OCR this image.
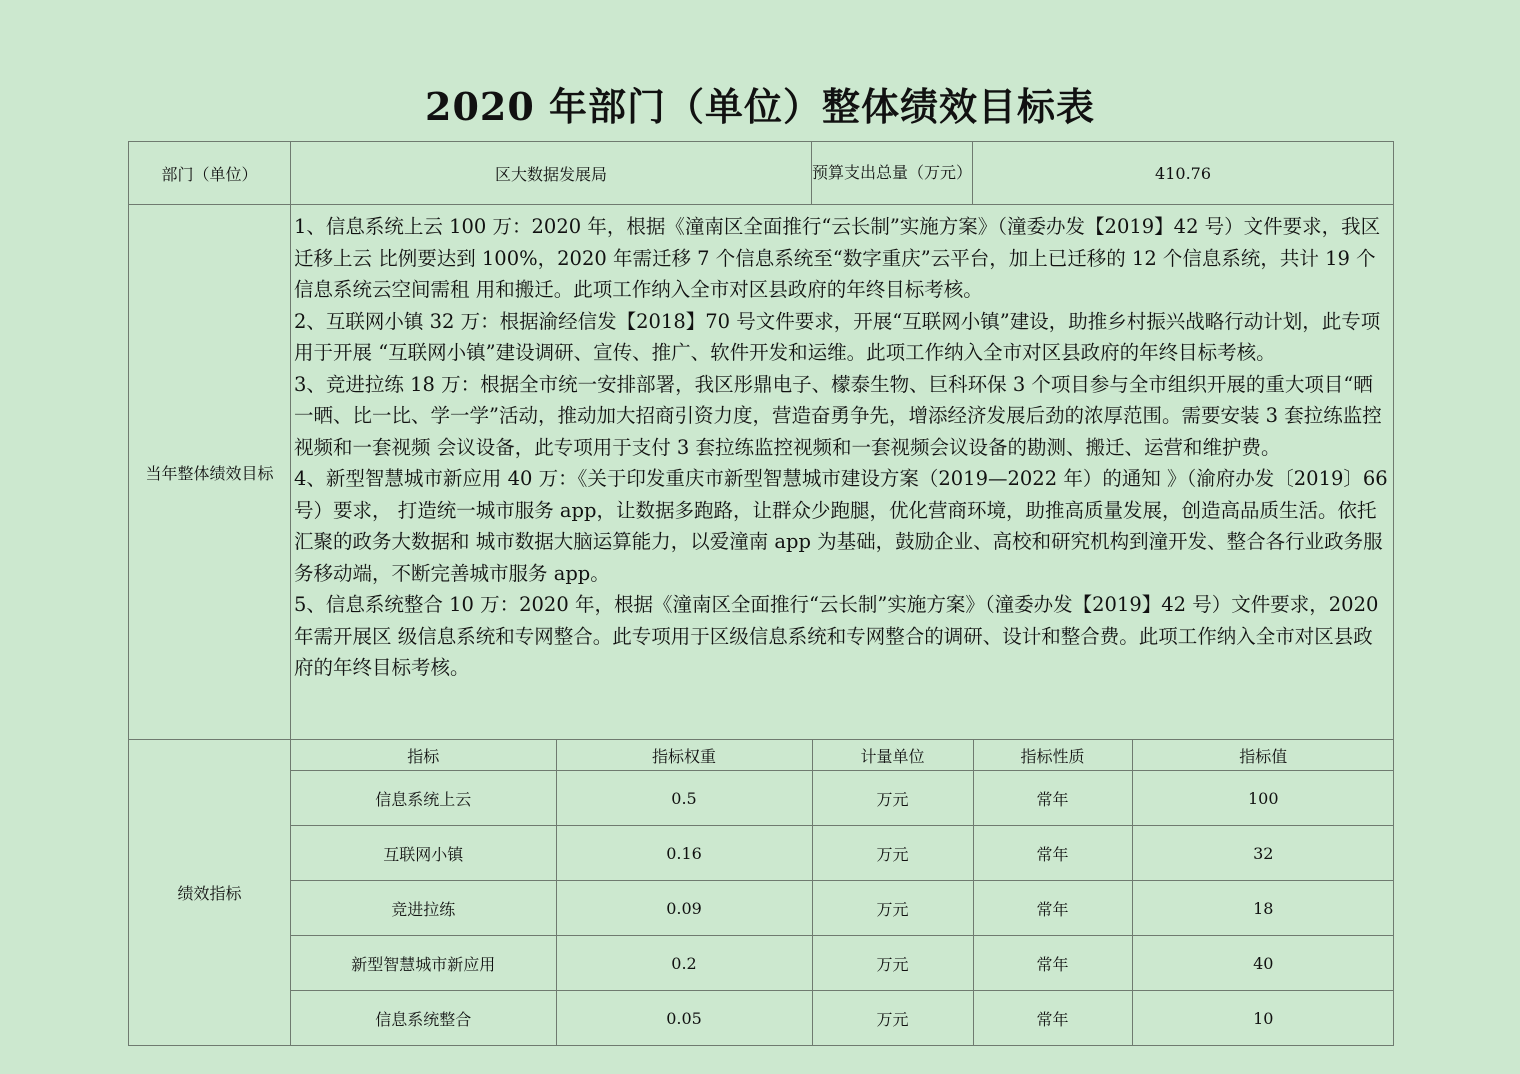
2020 年部门（单位）整体绩效目标表
部门（单位）	区大数据发展局	预算支出总量（万元）	410.76
当年整体绩效目标	

1、信息系统上云 100 万：2020 年，根据《潼南区全面推行“云长制”实施方案》（潼委办发【2019】42 号）文件要求，我区迁移上云 比例要达到 100%，2020 年需迁移 7 个信息系统至“数字重庆”云平台，加上已迁移的 12 个信息系统，共计 19 个信息系统云空间需租 用和搬迁。此项工作纳入全市对区县政府的年终目标考核。

2、互联网小镇 32 万：根据渝经信发【2018】70 号文件要求，开展“互联网小镇”建设，助推乡村振兴战略行动计划，此专项用于开展 “互联网小镇”建设调研、宣传、推广、软件开发和运维。此项工作纳入全市对区县政府的年终目标考核。

3、竞进拉练 18 万：根据全市统一安排部署，我区彤鼎电子、檬泰生物、巨科环保 3 个项目参与全市组织开展的重大项目“晒一晒、比一比、学一学”活动，推动加大招商引资力度，营造奋勇争先，增添经济发展后劲的浓厚范围。需要安装 3 套拉练监控视频和一套视频 会议设备，此专项用于支付 3 套拉练监控视频和一套视频会议设备的勘测、搬迁、运营和维护费。

4、新型智慧城市新应用 40 万：《关于印发重庆市新型智慧城市建设方案（2019—2022 年）的通知 》（渝府办发〔2019〕66 号）要求， 打造统一城市服务 app，让数据多跑路，让群众少跑腿，优化营商环境，助推高质量发展，创造高品质生活。依托汇聚的政务大数据和 城市数据大脑运算能力，以爱潼南 app 为基础，鼓励企业、高校和研究机构到潼开发、整合各行业政务服务移动端，不断完善城市服务 app。

5、信息系统整合 10 万：2020 年，根据《潼南区全面推行“云长制”实施方案》（潼委办发【2019】42 号）文件要求，2020 年需开展区 级信息系统和专网整合。此专项用于区级信息系统和专网整合的调研、设计和整合费。此项工作纳入全市对区县政府的年终目标考核。

绩效指标	
指标	指标权重	计量单位	指标性质	指标值
信息系统上云	0.5	万元	常年	100
互联网小镇	0.16	万元	常年	32
竞进拉练	0.09	万元	常年	18
新型智慧城市新应用	0.2	万元	常年	40
信息系统整合	0.05	万元	常年	10
